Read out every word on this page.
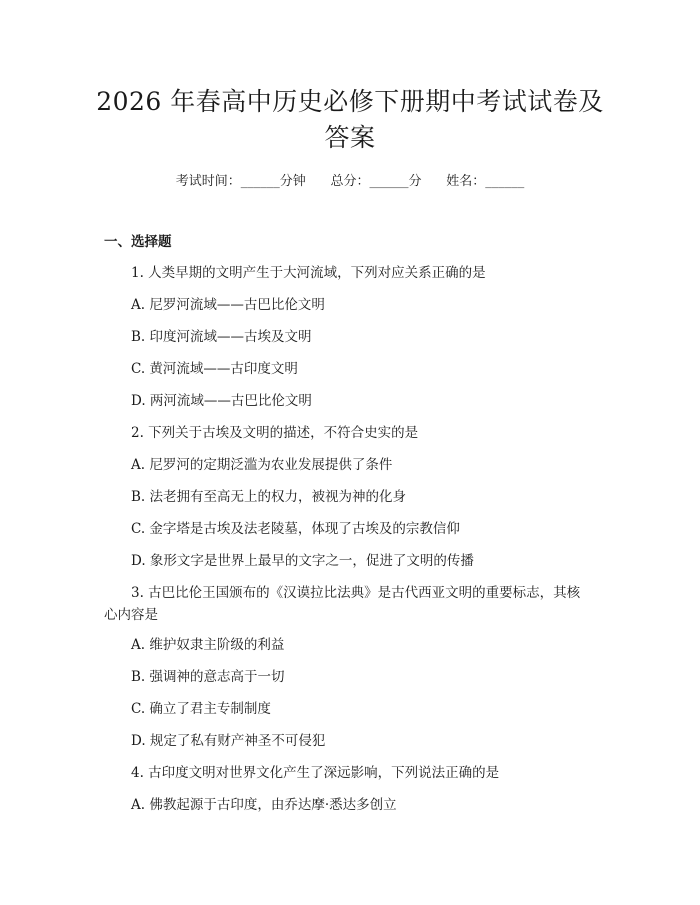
2026 年春高中历史必修下册期中考试试卷及答案
考试时间：______分钟      总分：______分      姓名：______
一、选择题
1. 人类早期的文明产生于大河流域，下列对应关系正确的是
A. 尼罗河流域——古巴比伦文明
B. 印度河流域——古埃及文明
C. 黄河流域——古印度文明
D. 两河流域——古巴比伦文明
2. 下列关于古埃及文明的描述，不符合史实的是
A. 尼罗河的定期泛滥为农业发展提供了条件
B. 法老拥有至高无上的权力，被视为神的化身
C. 金字塔是古埃及法老陵墓，体现了古埃及的宗教信仰
D. 象形文字是世界上最早的文字之一，促进了文明的传播
3. 古巴比伦王国颁布的《汉谟拉比法典》是古代西亚文明的重要标志，其核
心内容是
A. 维护奴隶主阶级的利益
B. 强调神的意志高于一切
C. 确立了君主专制制度
D. 规定了私有财产神圣不可侵犯
4. 古印度文明对世界文化产生了深远影响，下列说法正确的是
A. 佛教起源于古印度，由乔达摩·悉达多创立
